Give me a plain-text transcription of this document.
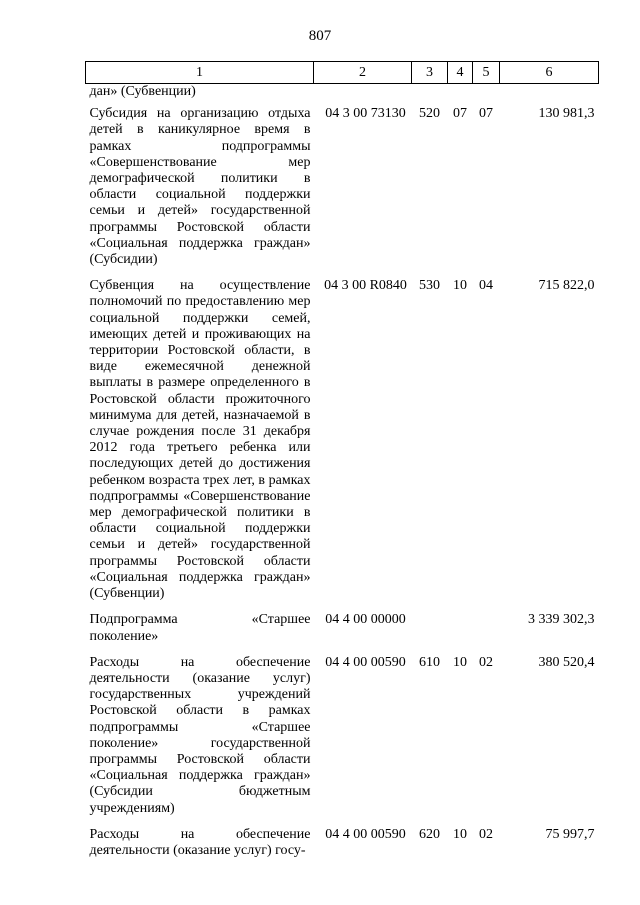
807
1	2	3	4	5	6
дан» (Субвенции)					
Субсидия на организацию отдыха детей в каникулярное время в рамках подпрограммы «Совершенствование мер демографической политики в области социальной поддержки семьи и детей» государственной программы Ростовской области «Социальная поддержка граждан» (Субсидии)	04 3 00 73130	520	07	07	130 981,3
Субвенция на осуществление полномочий по предоставлению мер социальной поддержки семей, имеющих детей и проживающих на территории Ростовской области, в виде ежемесячной денежной выплаты в размере определенного в Ростовской области прожиточного минимума для детей, назначаемой в случае рождения после 31 декабря 2012 года третьего ребенка или последующих детей до достижения ребенком возраста трех лет, в рамках подпрограммы «Совершенствование мер демографической политики в области социальной поддержки семьи и детей» государственной программы Ростовской области «Социальная поддержка граждан» (Субвенции)	04 3 00 R0840	530	10	04	715 822,0
Подпрограмма «Старшее поколение»	04 4 00 00000				3 339 302,3
Расходы на обеспечение деятельности (оказание услуг) государственных учреждений Ростовской области в рамках подпрограммы «Старшее поколение» государственной программы Ростовской области «Социальная поддержка граждан» (Субсидии бюджетным учреждениям)	04 4 00 00590	610	10	02	380 520,4
Расходы на обеспечение деятельности (оказание услуг) госу-	04 4 00 00590	620	10	02	75 997,7
